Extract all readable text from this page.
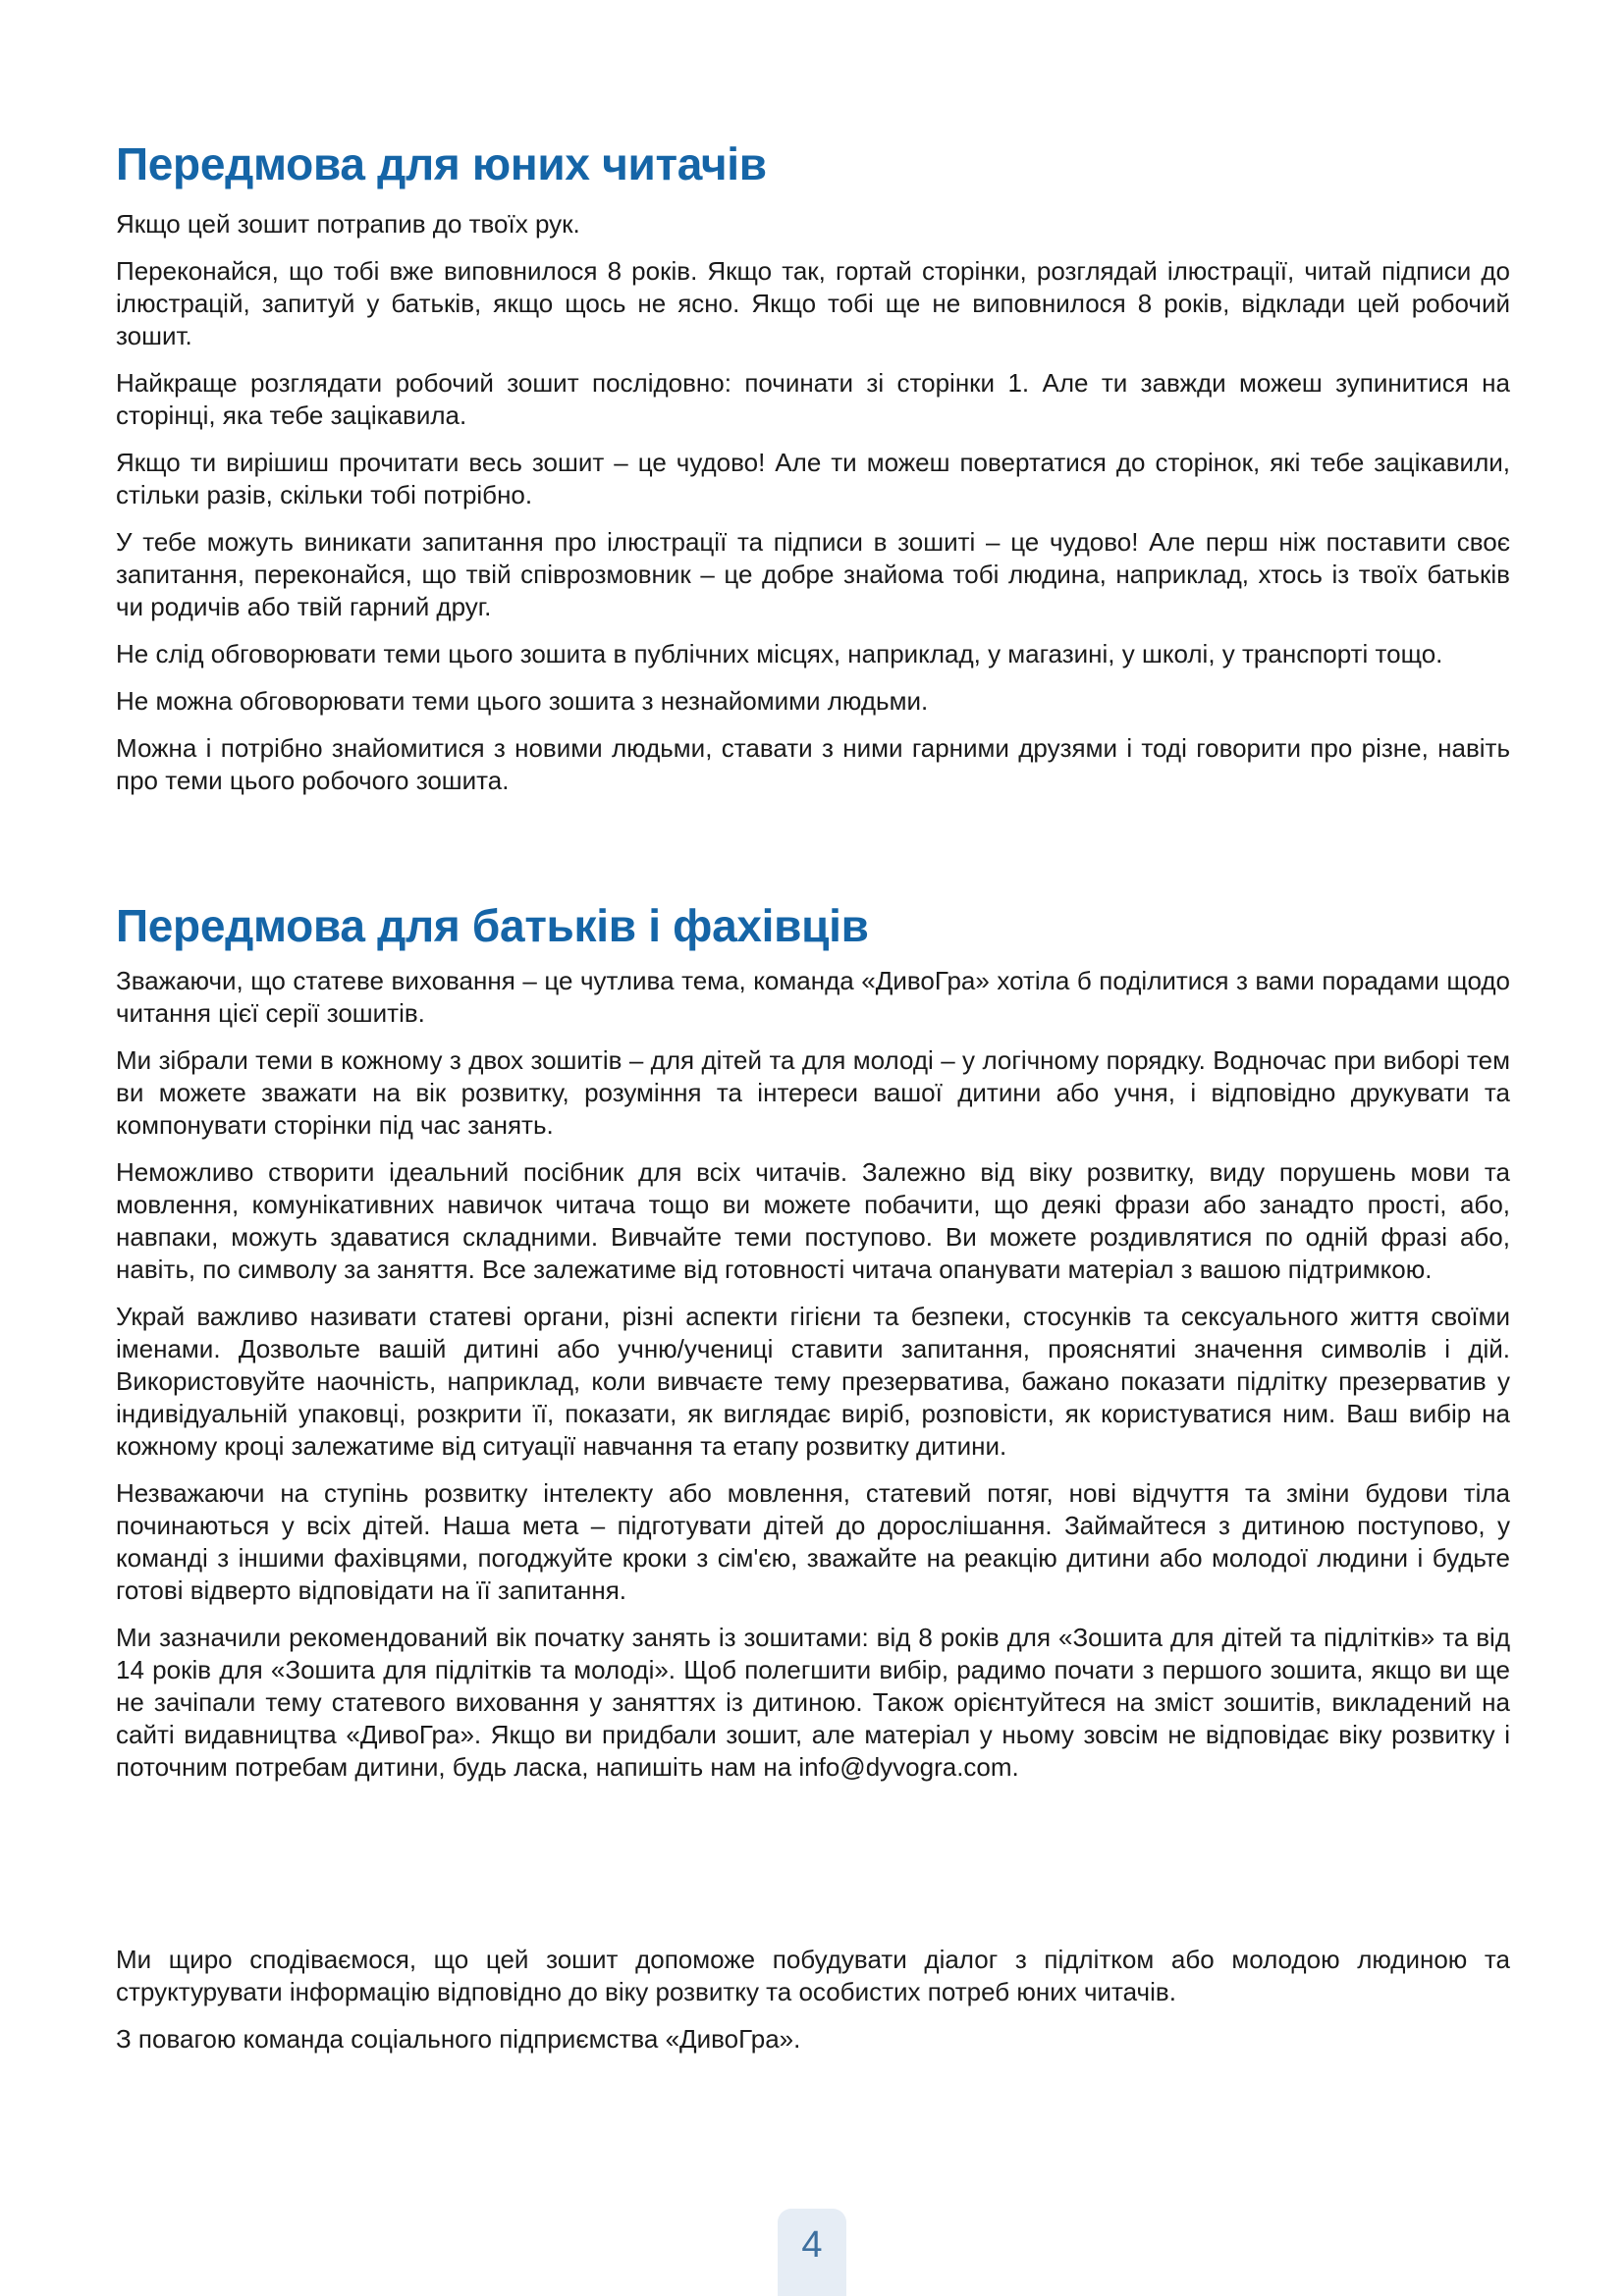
Передмова для юних читачів

Якщо цей зошит потрапив до твоїх рук.

Переконайся, що тобі вже виповнилося 8 років. Якщо так, гортай сторінки, розглядай ілюстрації, читай підписи до ілюстрацій, запитуй у батьків, якщо щось не ясно. Якщо тобі ще не виповнилося 8 років, відклади цей робочий зошит.

Найкраще розглядати робочий зошит послідовно: починати зі сторінки 1. Але ти завжди можеш зупинитися на сторінці, яка тебе зацікавила.

Якщо ти вирішиш прочитати весь зошит – це чудово! Але ти можеш повертатися до сторінок, які тебе зацікавили, стільки разів, скільки тобі потрібно.

У тебе можуть виникати запитання про ілюстрації та підписи в зошиті – це чудово! Але перш ніж поставити своє запитання, переконайся, що твій співрозмовник – це добре знайома тобі людина, наприклад, хтось із твоїх батьків чи родичів або твій гарний друг.

Не слід обговорювати теми цього зошита в публічних місцях, наприклад, у магазині, у школі, у транспорті тощо.

Не можна обговорювати теми цього зошита з незнайомими людьми.

Можна і потрібно знайомитися з новими людьми, ставати з ними гарними друзями і тоді говорити про різне, навіть про теми цього робочого зошита.

Передмова для батьків і фахівців

Зважаючи, що статеве виховання – це чутлива тема, команда «ДивоГра» хотіла б поділитися з вами порадами щодо читання цієї серії зошитів.

Ми зібрали теми в кожному з двох зошитів – для дітей та для молоді – у логічному порядку. Водночас при виборі тем ви можете зважати на вік розвитку, розуміння та інтереси вашої дитини або учня, і відповідно друкувати та компонувати сторінки під час занять.

Неможливо створити ідеальний посібник для всіх читачів. Залежно від віку розвитку, виду порушень мови та мовлення, комунікативних навичок читача тощо ви можете побачити, що деякі фрази або занадто прості, або, навпаки, можуть здаватися складними. Вивчайте теми поступово. Ви можете роздивлятися по одній фразі або, навіть, по символу за заняття. Все залежатиме від готовності читача опанувати матеріал з вашою підтримкою.

Украй важливо називати статеві органи, різні аспекти гігієни та безпеки, стосунків та сексуального життя своїми іменами. Дозвольте вашій дитині або учню/учениці ставити запитання, прояснятиі значення символів і дій. Використовуйте наочність, наприклад, коли вивчаєте тему презерватива, бажано показати підлітку презерватив у індивідуальній упаковці, розкрити її, показати, як виглядає виріб, розповісти, як користуватися ним. Ваш вибір на кожному кроці залежатиме від ситуації навчання та етапу розвитку дитини.

Незважаючи на ступінь розвитку інтелекту або мовлення, статевий потяг, нові відчуття та зміни будови тіла починаються у всіх дітей. Наша мета – підготувати дітей до дорослішання. Займайтеся з дитиною поступово, у команді з іншими фахівцями, погоджуйте кроки з сім'єю, зважайте на реакцію дитини або молодої людини і будьте готові відверто відповідати на її запитання.

Ми зазначили рекомендований вік початку занять із зошитами: від 8 років для «Зошита для дітей та підлітків» та від 14 років для «Зошита для підлітків та молоді». Щоб полегшити вибір, радимо почати з першого зошита, якщо ви ще не зачіпали тему статевого виховання у заняттях із дитиною. Також орієнтуйтеся на зміст зошитів, викладений на сайті видавництва «ДивоГра». Якщо ви придбали зошит, але матеріал у ньому зовсім не відповідає віку розвитку і поточним потребам дитини, будь ласка, напишіть нам на info@dyvogra.com.

Ми щиро сподіваємося, що цей зошит допоможе побудувати діалог з підлітком або молодою людиною та структурувати інформацію відповідно до віку розвитку та особистих потреб юних читачів.

З повагою команда соціального підприємства «ДивоГра».

4
